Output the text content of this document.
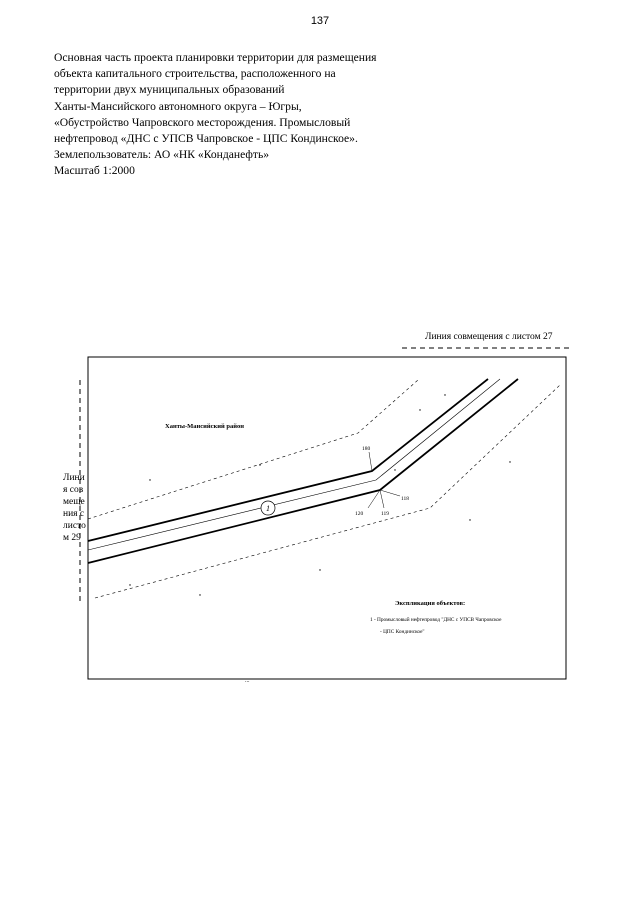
137
Основная часть проекта планировки территории для размещения
объекта капитального строительства, расположенного на
территории двух муниципальных образований
Ханты-Мансийского автономного округа – Югры,
«Обустройство Чапровского месторождения. Промысловый
нефтепровод «ДНС с УПСВ Чапровское - ЦПС Кондинское».
Землепользователь: АО «НК «Конданефть»
Масштаб 1:2000
Линия совмещения с листом 27
Линия совмещения с листом 29
1
Ханты-Мансийский район
180
118
119
120
Экспликация объектов:
1 - Промысловый нефтепровод "ДНС с УПСВ Чапровское
- ЦПС Кондинское"
...
